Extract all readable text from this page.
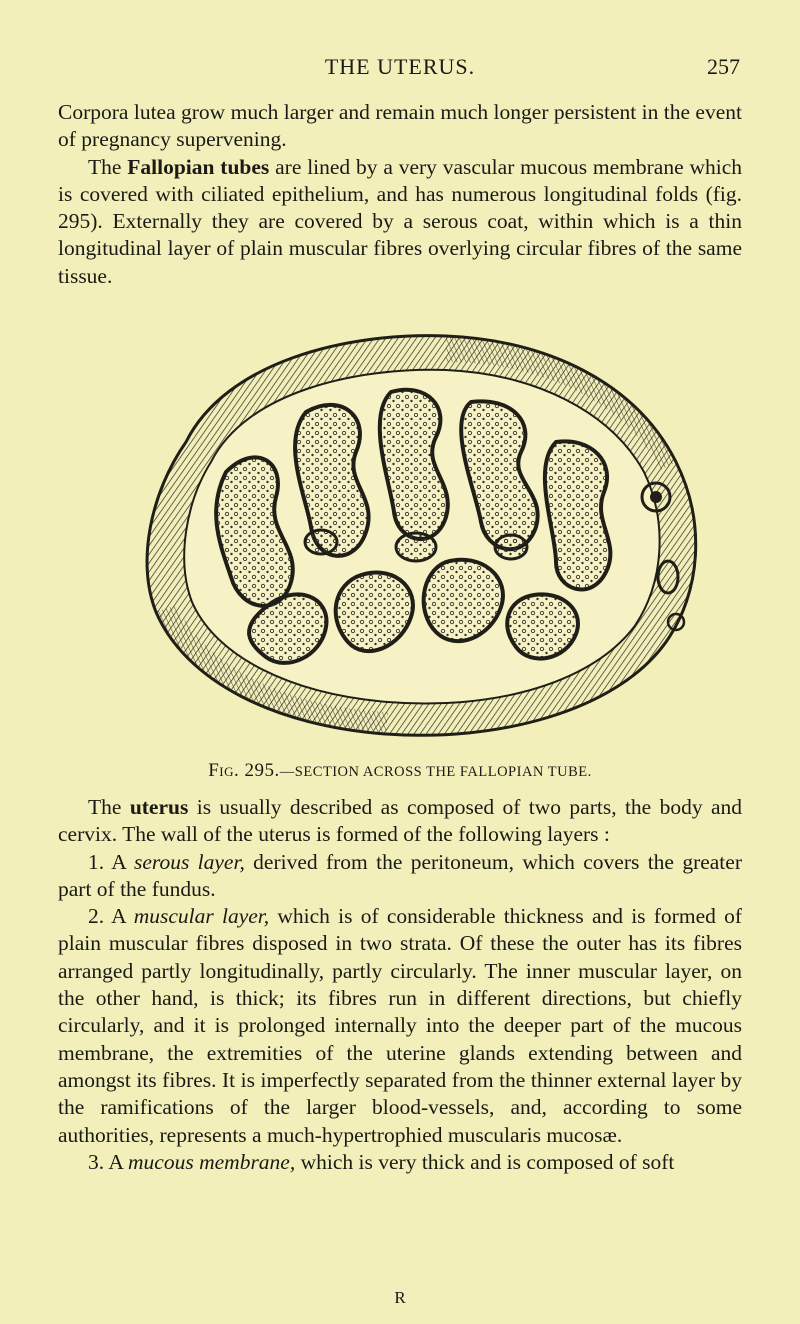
THE UTERUS.	257

Corpora lutea grow much larger and remain much longer persistent in the event of pregnancy supervening.

The Fallopian tubes are lined by a very vascular mucous membrane which is covered with ciliated epithelium, and has numerous longitudinal folds (fig. 295). Externally they are covered by a serous coat, within which is a thin longitudinal layer of plain muscular fibres overlying circular fibres of the same tissue.

Fig. 295.—SECTION ACROSS THE FALLOPIAN TUBE.

The uterus is usually described as composed of two parts, the body and cervix. The wall of the uterus is formed of the following layers :

1. A serous layer, derived from the peritoneum, which covers the greater part of the fundus.

2. A muscular layer, which is of considerable thickness and is formed of plain muscular fibres disposed in two strata. Of these the outer has its fibres arranged partly longitudinally, partly circularly. The inner muscular layer, on the other hand, is thick; its fibres run in different directions, but chiefly circularly, and it is prolonged internally into the deeper part of the mucous membrane, the extremities of the uterine glands extending between and amongst its fibres. It is imperfectly separated from the thinner external layer by the ramifications of the larger blood-vessels, and, according to some authorities, represents a much-hypertrophied muscularis mucosæ.

3. A mucous membrane, which is very thick and is composed of soft

R
